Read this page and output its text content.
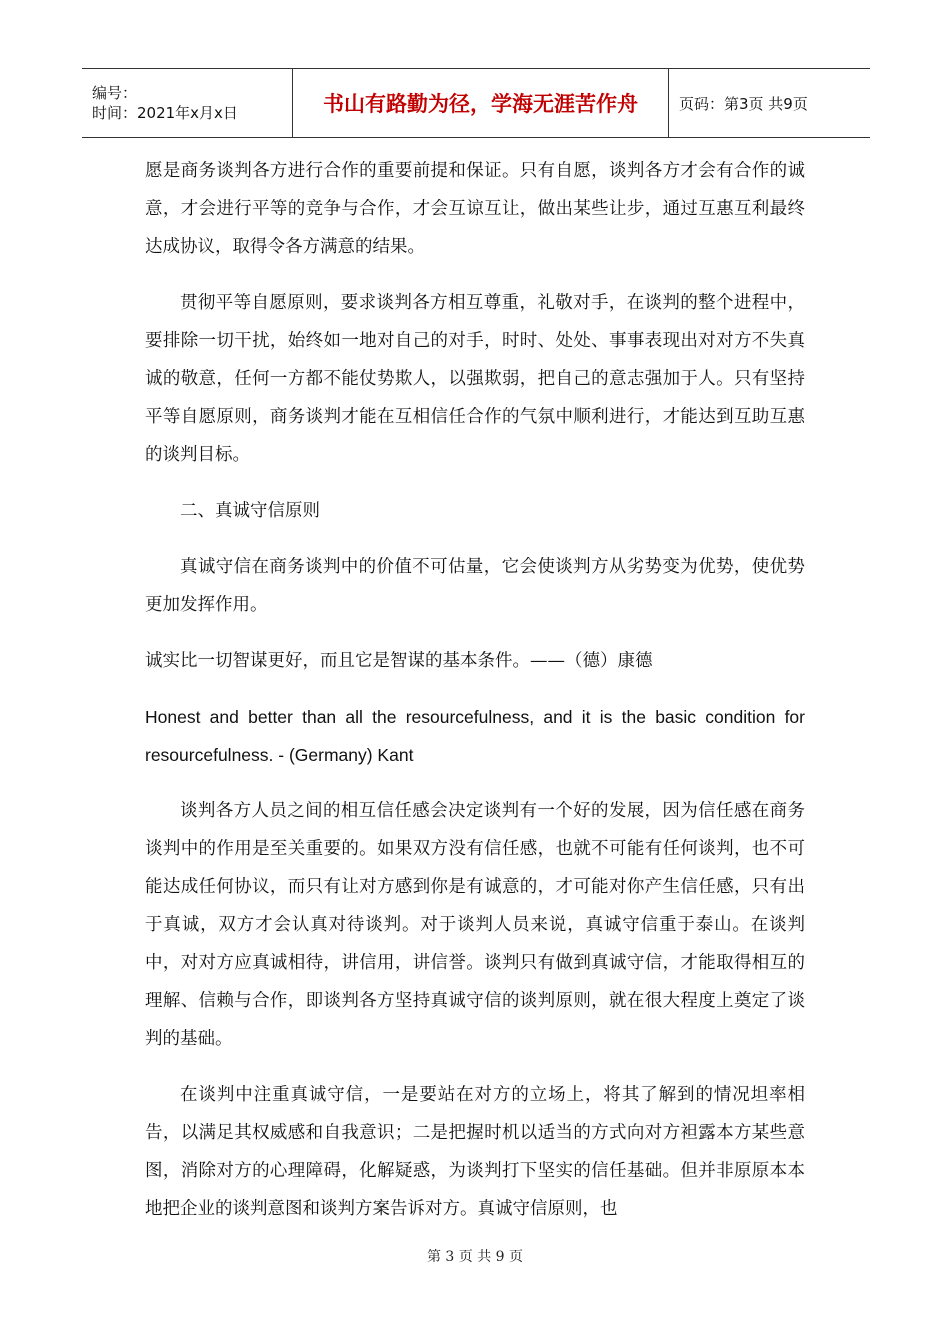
编号：
时间：2021年x月x日	书山有路勤为径，学海无涯苦作舟	页码：第3页 共9页

愿是商务谈判各方进行合作的重要前提和保证。只有自愿，谈判各方才会有合作的诚意，才会进行平等的竞争与合作，才会互谅互让，做出某些让步，通过互惠互利最终达成协议，取得令各方满意的结果。

贯彻平等自愿原则，要求谈判各方相互尊重，礼敬对手，在谈判的整个进程中，要排除一切干扰，始终如一地对自己的对手，时时、处处、事事表现出对对方不失真诚的敬意，任何一方都不能仗势欺人，以强欺弱，把自己的意志强加于人。只有坚持平等自愿原则，商务谈判才能在互相信任合作的气氛中顺利进行，才能达到互助互惠的谈判目标。

二、真诚守信原则

真诚守信在商务谈判中的价值不可估量，它会使谈判方从劣势变为优势，使优势更加发挥作用。

诚实比一切智谋更好，而且它是智谋的基本条件。——（德）康德

Honest and better than all the resourcefulness, and it is the basic condition for resourcefulness. - (Germany) Kant

谈判各方人员之间的相互信任感会决定谈判有一个好的发展，因为信任感在商务谈判中的作用是至关重要的。如果双方没有信任感，也就不可能有任何谈判，也不可能达成任何协议，而只有让对方感到你是有诚意的，才可能对你产生信任感，只有出于真诚，双方才会认真对待谈判。对于谈判人员来说，真诚守信重于泰山。在谈判中，对对方应真诚相待，讲信用，讲信誉。谈判只有做到真诚守信，才能取得相互的理解、信赖与合作，即谈判各方坚持真诚守信的谈判原则，就在很大程度上奠定了谈判的基础。

在谈判中注重真诚守信，一是要站在对方的立场上，将其了解到的情况坦率相告，以满足其权威感和自我意识；二是把握时机以适当的方式向对方袒露本方某些意图，消除对方的心理障碍，化解疑惑，为谈判打下坚实的信任基础。但并非原原本本地把企业的谈判意图和谈判方案告诉对方。真诚守信原则，也

第 3 页 共 9 页
